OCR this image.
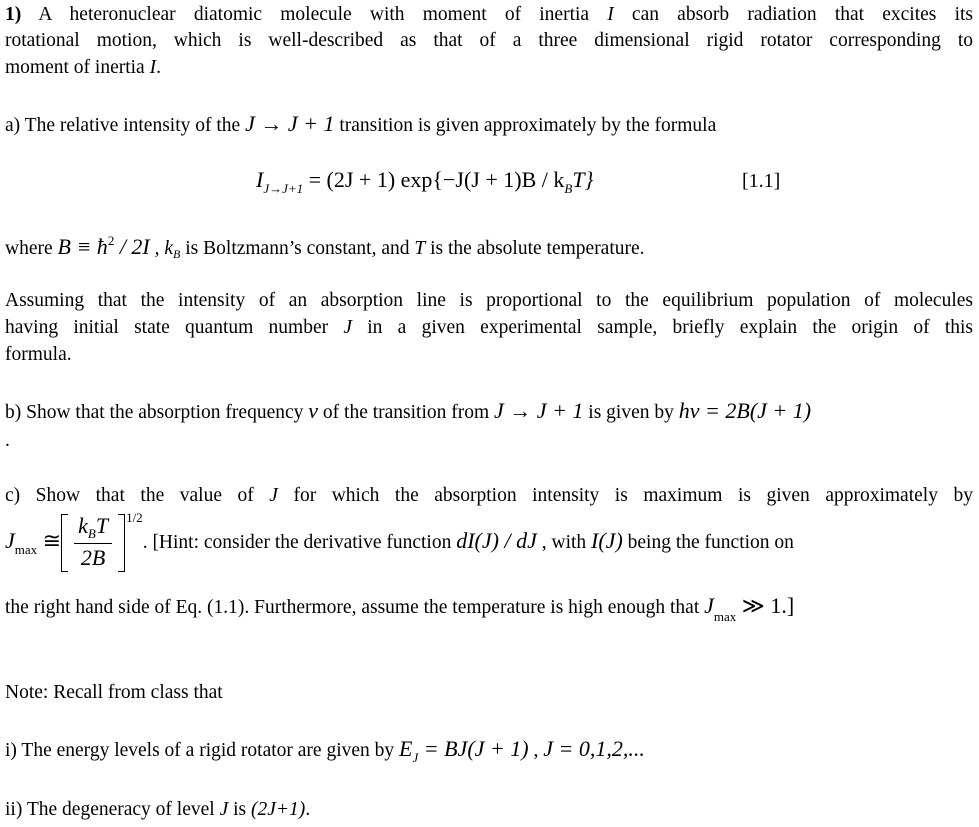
1) A heteronuclear diatomic molecule with moment of inertia I can absorb radiation that excites its
rotational motion, which is well-described as that of a three dimensional rigid rotator corresponding to
moment of inertia I.
a) The relative intensity of the J → J + 1 transition is given approximately by the formula
$I_{J\to J+1} = (2J + 1) \exp\{-J(J + 1)B / k_BT\}$	[1.1]
where $B \equiv ħ^2 / 2I$ , $k_B$ is Boltzmann’s constant, and T is the absolute temperature.
Assuming that the intensity of an absorption line is proportional to the equilibrium population of molecules
having initial state quantum number J in a given experimental sample, briefly explain the origin of this
formula.
b) Show that the absorption frequency ν of the transition from J → J + 1 is given by hν = 2B(J + 1)
.
c) Show that the value of J for which the absorption intensity is maximum is given approximately by
$J_{max}$ ≅ $\frac{k_BT}{2B} 1/2$. [Hint: consider the derivative function dI(J) / dJ , with I(J) being the function on
the right hand side of Eq. (1.1). Furthermore, assume the temperature is high enough that $J_{max}$ ≫ 1.]
Note: Recall from class that
i) The energy levels of a rigid rotator are given by $E_J = BJ(J + 1)$ , J = 0,1,2,...
ii) The degeneracy of level J is (2J+1).
